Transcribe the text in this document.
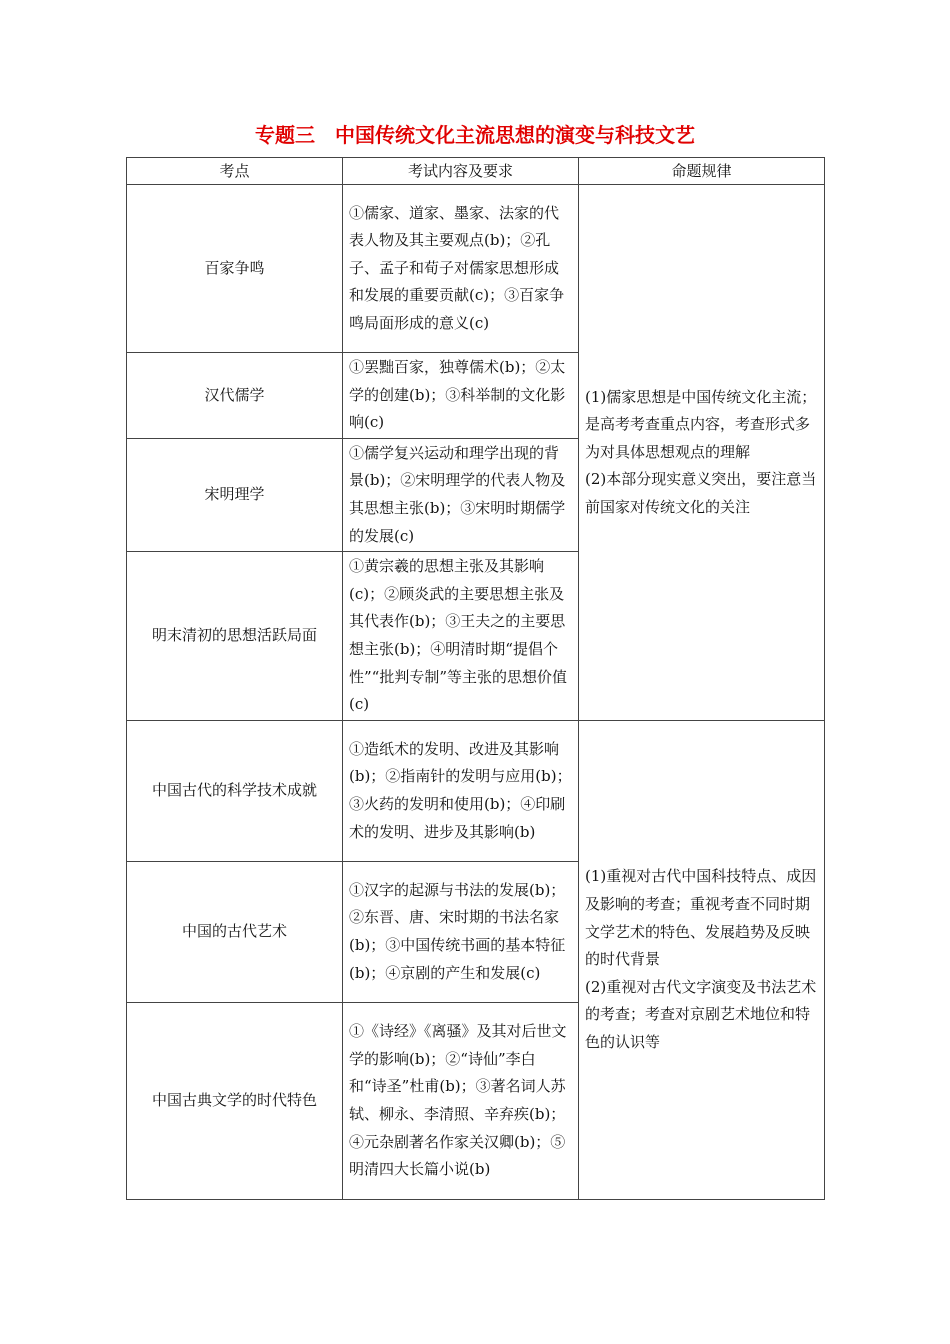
专题三　中国传统文化主流思想的演变与科技文艺
考点	考试内容及要求	命题规律
百家争鸣	①儒家、道家、墨家、法家的代表人物及其主要观点(b)；②孔子、孟子和荀子对儒家思想形成和发展的重要贡献(c)；③百家争鸣局面形成的意义(c)	(1)儒家思想是中国传统文化主流；是高考考查重点内容，考查形式多为对具体思想观点的理解

(2)本部分现实意义突出，要注意当前国家对传统文化的关注

汉代儒学	①罢黜百家，独尊儒术(b)；②太学的创建(b)；③科举制的文化影响(c)	
宋明理学	①儒学复兴运动和理学出现的背景(b)；②宋明理学的代表人物及其思想主张(b)；③宋明时期儒学的发展(c)	
明末清初的思想活跃局面	①黄宗羲的思想主张及其影响(c)；②顾炎武的主要思想主张及其代表作(b)；③王夫之的主要思想主张(b)；④明清时期“提倡个性”“批判专制”等主张的思想价值(c)	
中国古代的科学技术成就	①造纸术的发明、改进及其影响(b)；②指南针的发明与应用(b)；③火药的发明和使用(b)；④印刷术的发明、进步及其影响(b)	(1)重视对古代中国科技特点、成因及影响的考查；重视考查不同时期文学艺术的特色、发展趋势及反映的时代背景

(2)重视对古代文字演变及书法艺术的考查；考查对京剧艺术地位和特色的认识等

中国的古代艺术	①汉字的起源与书法的发展(b)；②东晋、唐、宋时期的书法名家(b)；③中国传统书画的基本特征(b)；④京剧的产生和发展(c)	
中国古典文学的时代特色	①《诗经》《离骚》及其对后世文学的影响(b)；②“诗仙”李白和“诗圣”杜甫(b)；③著名词人苏轼、柳永、李清照、辛弃疾(b)；④元杂剧著名作家关汉卿(b)；⑤明清四大长篇小说(b)	
